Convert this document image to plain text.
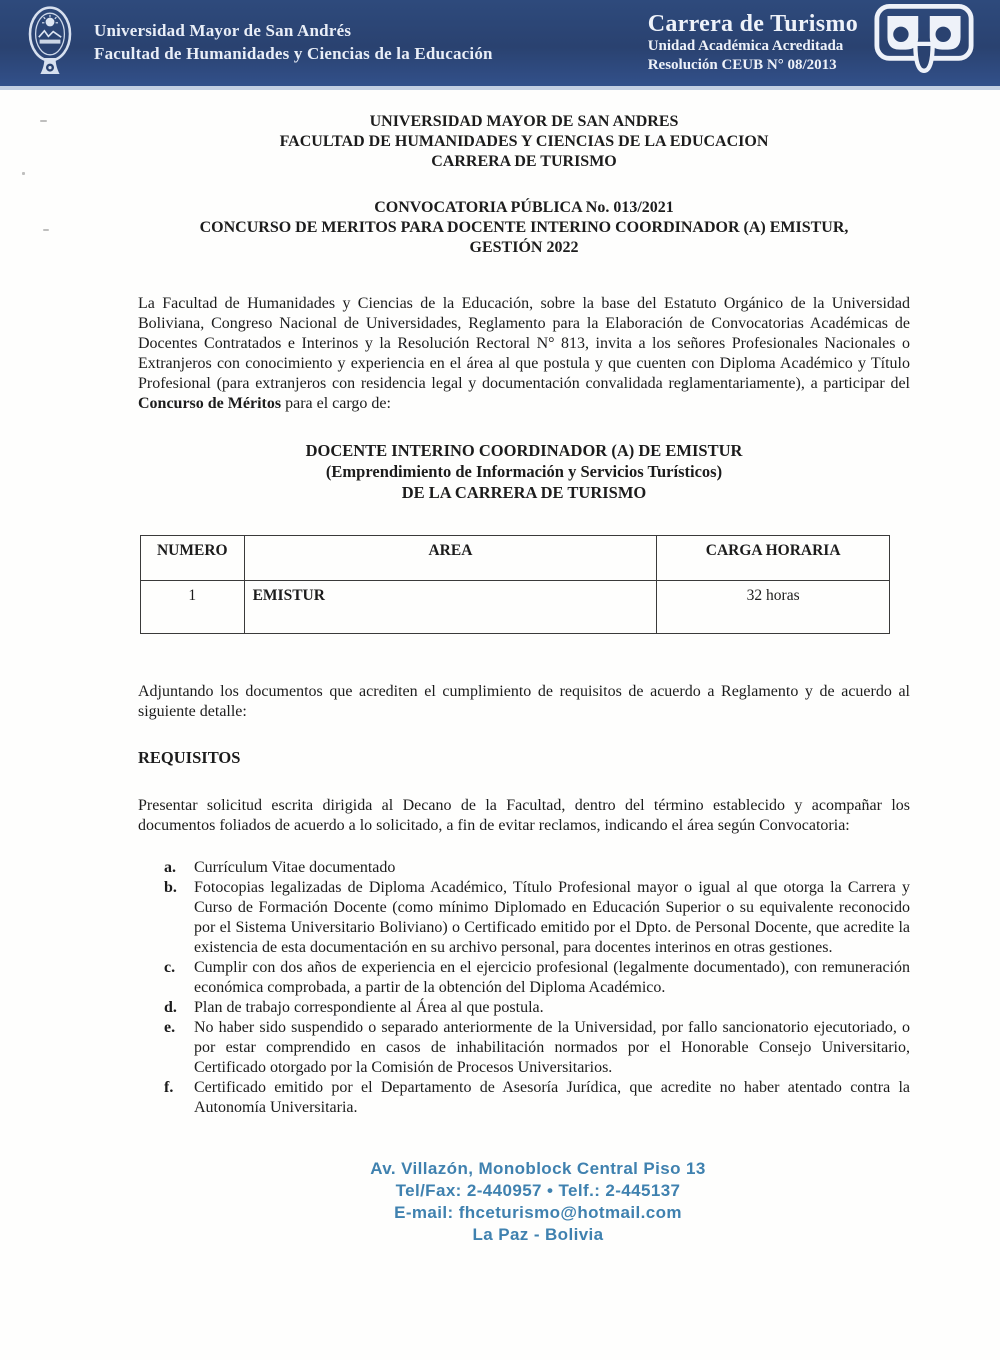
Universidad Mayor de San Andrés
Facultad de Humanidades y Ciencias de la Educación
Carrera de Turismo
Unidad Académica Acreditada
Resolución CEUB N° 08/2013
UNIVERSIDAD MAYOR DE SAN ANDRES
FACULTAD DE HUMANIDADES Y CIENCIAS DE LA EDUCACION
CARRERA DE TURISMO
CONVOCATORIA PÚBLICA No. 013/2021
CONCURSO DE MERITOS PARA DOCENTE INTERINO COORDINADOR (A) EMISTUR,
GESTIÓN 2022

La Facultad de Humanidades y Ciencias de la Educación, sobre la base del Estatuto Orgánico de la Universidad Boliviana, Congreso Nacional de Universidades, Reglamento para la Elaboración de Convocatorias Académicas de Docentes Contratados e Interinos y la Resolución Rectoral N° 813, invita a los señores Profesionales Nacionales o Extranjeros con conocimiento y experiencia en el área al que postula y que cuenten con Diploma Académico y Título Profesional (para extranjeros con residencia legal y documentación convalidada reglamentariamente), a participar del Concurso de Méritos para el cargo de:

DOCENTE INTERINO COORDINADOR (A) DE EMISTUR
(Emprendimiento de Información y Servicios Turísticos)
DE LA CARRERA DE TURISMO
NUMERO	AREA	CARGA HORARIA
1	EMISTUR	32 horas

Adjuntando los documentos que acrediten el cumplimiento de requisitos de acuerdo a Reglamento y de acuerdo al siguiente detalle:

REQUISITOS

Presentar solicitud escrita dirigida al Decano de la Facultad, dentro del término establecido y acompañar los documentos foliados de acuerdo a lo solicitado, a fin de evitar reclamos, indicando el área según Convocatoria:

a.	Currículum Vitae documentado
b.	Fotocopias legalizadas de Diploma Académico, Título Profesional mayor o igual al que otorga la Carrera y Curso de Formación Docente (como mínimo Diplomado en Educación Superior o su equivalente reconocido por el Sistema Universitario Boliviano) o Certificado emitido por el Dpto. de Personal Docente, que acredite la existencia de esta documentación en su archivo personal, para docentes interinos en otras gestiones.
c.	Cumplir con dos años de experiencia en el ejercicio profesional (legalmente documentado), con remuneración económica comprobada, a partir de la obtención del Diploma Académico.
d.	Plan de trabajo correspondiente al Área al que postula.
e.	No haber sido suspendido o separado anteriormente de la Universidad, por fallo sancionatorio ejecutoriado, o por estar comprendido en casos de inhabilitación normados por el Honorable Consejo Universitario, Certificado otorgado por la Comisión de Procesos Universitarios.
f.	Certificado emitido por el Departamento de Asesoría Jurídica, que acredite no haber atentado contra la Autonomía Universitaria.
Av. Villazón, Monoblock Central Piso 13
Tel/Fax: 2-440957 • Telf.: 2-445137
E-mail: fhceturismo@hotmail.com
La Paz - Bolivia
